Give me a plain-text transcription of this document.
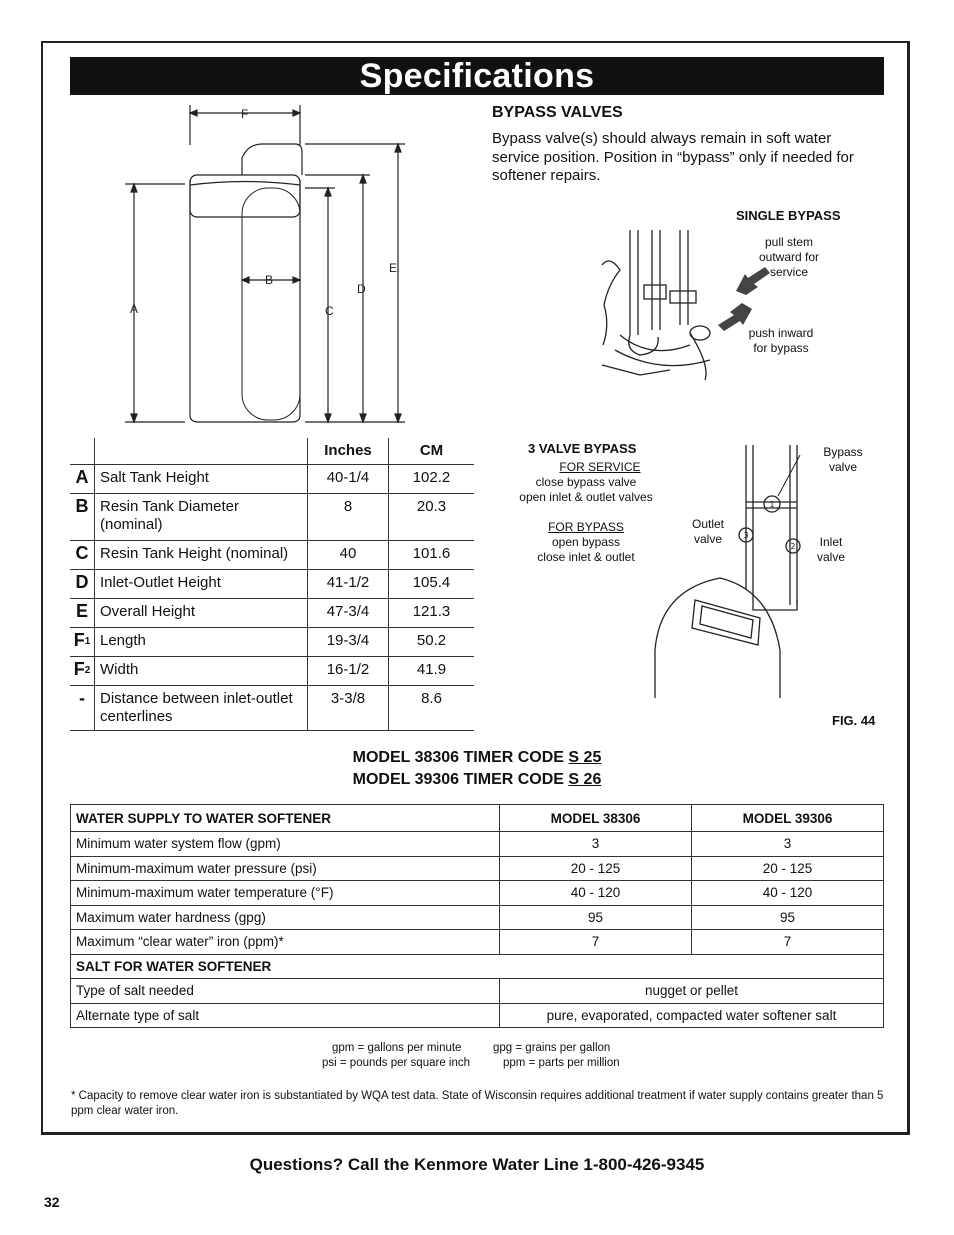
Specifications
F
A
B
C
D
E
		Inches	CM
A	Salt Tank Height	40-1/4	102.2
B	Resin Tank Diameter (nominal)	8	20.3
C	Resin Tank Height (nominal)	40	101.6
D	Inlet-Outlet Height	41-1/2	105.4
E	Overall Height	47-3/4	121.3
$F^1$	Length	19-3/4	50.2
$F^2$	Width	16-1/2	41.9
-	Distance between inlet-outlet centerlines	3-3/8	8.6
BYPASS VALVES
Bypass valve(s) should always remain in soft water service position. Position in “bypass” only if needed for softener repairs.
SINGLE BYPASS
pull stem outward for service
push inward for bypass
3 VALVE BYPASS
FOR SERVICE
close bypass valve
open inlet & outlet valves
FOR BYPASS
open bypass
close inlet & outlet
1
3
2
Bypass valve
Outlet valve	Inlet valve
FIG. 44
MODEL 38306 TIMER CODE S 25
MODEL 39306 TIMER CODE S 26
WATER SUPPLY TO WATER SOFTENER	MODEL 38306	MODEL 39306
Minimum water system flow (gpm)	3	3
Minimum-maximum water pressure (psi)	20 - 125	20 - 125
Minimum-maximum water temperature (°F)	40 - 120	40 - 120
Maximum water hardness (gpg)	95	95
Maximum “clear water” iron (ppm)*	7	7
SALT FOR WATER SOFTENER		
Type of salt needed	nugget or pellet	
Alternate type of salt	pure, evaporated, compacted water softener salt	
gpm = gallons per minute	gpg = grains per gallon
psi = pounds per square inch	ppm = parts per million
* Capacity to remove clear water iron is substantiated by WQA test data. State of Wisconsin requires additional treatment if water supply contains greater than 5 ppm clear water iron.
Questions? Call the Kenmore Water Line 1-800-426-9345
32
